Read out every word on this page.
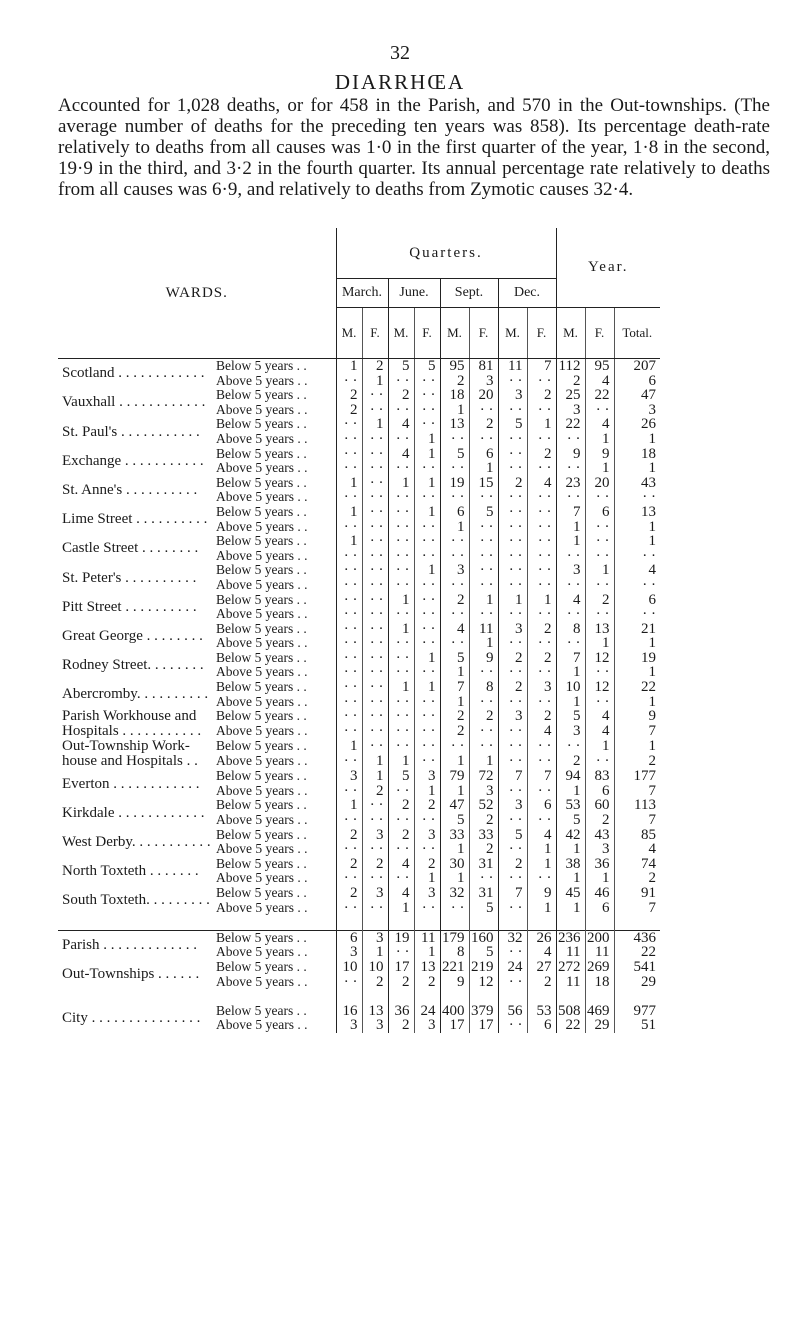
32
DIARRHŒA
Accounted for 1,028 deaths, or for 458 in the Parish, and 570 in the Out-townships. (The average number of deaths for the preceding ten years was 858). Its percentage death-rate relatively to deaths from all causes was 1·0 in the first quarter of the year, 1·8 in the second, 19·9 in the third, and 3·2 in the fourth quarter. Its annual percentage rate relatively to deaths from all causes was 6·9, and relatively to deaths from Zymotic causes 32·4.
WARDS.		Quarters.								Year.		
		March.		June.		Sept.		Dec.				
		M.	F.	M.	F.	M.	F.	M.	F.	M.	F.	Total.
Scotland . . . . . . . . . . . .	Below 5 years . .	1	2	5	5	95	81	11	7	112	95	207
	Above 5 years . .	· ·	1	· ·	· ·	2	3	· ·	· ·	2	4	6
Vauxhall . . . . . . . . . . . .	Below 5 years . .	2	· ·	2	· ·	18	20	3	2	25	22	47
	Above 5 years . .	2	· ·	· ·	· ·	1	· ·	· ·	· ·	3	· ·	3
St. Paul's . . . . . . . . . . .	Below 5 years . .	· ·	1	4	· ·	13	2	5	1	22	4	26
	Above 5 years . .	· ·	· ·	· ·	1	· ·	· ·	· ·	· ·	· ·	1	1
Exchange . . . . . . . . . . .	Below 5 years . .	· ·	· ·	4	1	5	6	· ·	2	9	9	18
	Above 5 years . .	· ·	· ·	· ·	· ·	· ·	1	· ·	· ·	· ·	1	1
St. Anne's . . . . . . . . . .	Below 5 years . .	1	· ·	1	1	19	15	2	4	23	20	43
	Above 5 years . .	· ·	· ·	· ·	· ·	· ·	· ·	· ·	· ·	· ·	· ·	· ·
Lime Street . . . . . . . . . .	Below 5 years . .	1	· ·	· ·	1	6	5	· ·	· ·	7	6	13
	Above 5 years . .	· ·	· ·	· ·	· ·	1	· ·	· ·	· ·	1	· ·	1
Castle Street . . . . . . . .	Below 5 years . .	1	· ·	· ·	· ·	· ·	· ·	· ·	· ·	1	· ·	1
	Above 5 years . .	· ·	· ·	· ·	· ·	· ·	· ·	· ·	· ·	· ·	· ·	· ·
St. Peter's . . . . . . . . . .	Below 5 years . .	· ·	· ·	· ·	1	3	· ·	· ·	· ·	3	1	4
	Above 5 years . .	· ·	· ·	· ·	· ·	· ·	· ·	· ·	· ·	· ·	· ·	· ·
Pitt Street . . . . . . . . . .	Below 5 years . .	· ·	· ·	1	· ·	2	1	1	1	4	2	6
	Above 5 years . .	· ·	· ·	· ·	· ·	· ·	· ·	· ·	· ·	· ·	· ·	· ·
Great George . . . . . . . .	Below 5 years . .	· ·	· ·	1	· ·	4	11	3	2	8	13	21
	Above 5 years . .	· ·	· ·	· ·	· ·	· ·	1	· ·	· ·	· ·	1	1
Rodney Street. . . . . . . .	Below 5 years . .	· ·	· ·	· ·	1	5	9	2	2	7	12	19
	Above 5 years . .	· ·	· ·	· ·	· ·	1	· ·	· ·	· ·	1	· ·	1
Abercromby. . . . . . . . . .	Below 5 years . .	· ·	· ·	1	1	7	8	2	3	10	12	22
	Above 5 years . .	· ·	· ·	· ·	· ·	1	· ·	· ·	· ·	1	· ·	1
Parish Workhouse and Hospitals . . . . . . . . . . .	Below 5 years . .	· ·	· ·	· ·	· ·	2	2	3	2	5	4	9
	Above 5 years . .	· ·	· ·	· ·	· ·	2	· ·	· ·	4	3	4	7
Out-Township Work-house and Hospitals . .	Below 5 years . .	1	· ·	· ·	· ·	· ·	· ·	· ·	· ·	· ·	1	1
	Above 5 years . .	· ·	1	1	· ·	1	1	· ·	· ·	2	· ·	2
Everton . . . . . . . . . . . .	Below 5 years . .	3	1	5	3	79	72	7	7	94	83	177
	Above 5 years . .	· ·	2	· ·	1	1	3	· ·	· ·	1	6	7
Kirkdale . . . . . . . . . . . .	Below 5 years . .	1	· ·	2	2	47	52	3	6	53	60	113
	Above 5 years . .	· ·	· ·	· ·	· ·	5	2	· ·	· ·	5	2	7
West Derby. . . . . . . . . . .	Below 5 years . .	2	3	2	3	33	33	5	4	42	43	85
	Above 5 years . .	· ·	· ·	· ·	· ·	1	2	· ·	1	1	3	4
North Toxteth . . . . . . .	Below 5 years . .	2	2	4	2	30	31	2	1	38	36	74
	Above 5 years . .	· ·	· ·	· ·	1	1	· ·	· ·	· ·	1	1	2
South Toxteth. . . . . . . . .	Below 5 years . .	2	3	4	3	32	31	7	9	45	46	91
	Above 5 years . .	· ·	· ·	1	· ·	· ·	5	· ·	1	1	6	7

Parish . . . . . . . . . . . . .	Below 5 years . .	6	3	19	11	179	160	32	26	236	200	436
	Above 5 years . .	3	1	· ·	1	8	5	· ·	4	11	11	22
Out-Townships . . . . . .	Below 5 years . .	10	10	17	13	221	219	24	27	272	269	541
	Above 5 years . .	· ·	2	2	2	9	12	· ·	2	11	18	29

City . . . . . . . . . . . . . . .	Below 5 years . .	16	13	36	24	400	379	56	53	508	469	977
	Above 5 years . .	3	3	2	3	17	17	· ·	6	22	29	51
